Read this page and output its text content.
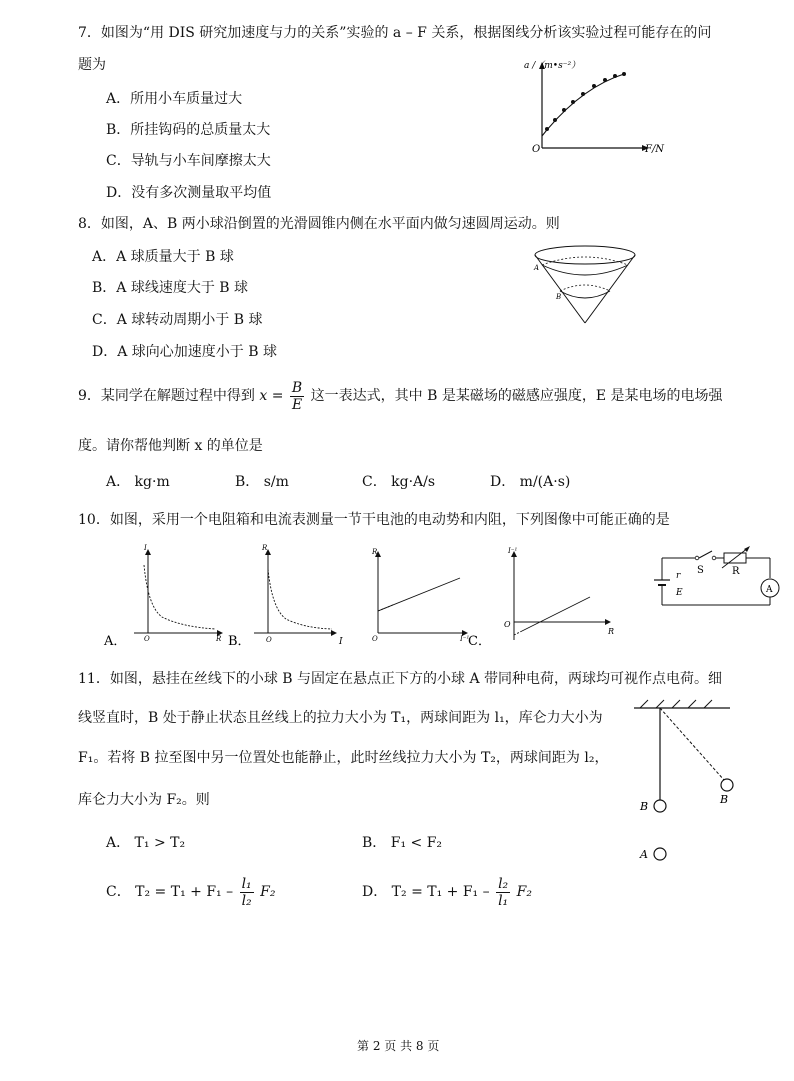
7．如图为“用 DIS 研究加速度与力的关系”实验的 a – F 关系，根据图线分析该实验过程可能存在的问
题为
A．所用小车质量过大
B．所挂钩码的总质量太大
C．导轨与小车间摩擦太大
D．没有多次测量取平均值
a /（m•s⁻²）
O	F/N
8．如图，A、B 两小球沿倒置的光滑圆锥内侧在水平面内做匀速圆周运动。则
A．A 球质量大于 B 球
B．A 球线速度大于 B 球
C．A 球转动周期小于 B 球
D．A 球向心加速度小于 B 球
A
B
9．某同学在解题过程中得到 $x = \frac{B}{E}$ 这一表达式，其中 B 是某磁场的磁感应强度，E 是某电场的电场强
度。请你帮他判断 x 的单位是
A． kg·m	B． s/m	C． kg·A/s	D． m/(A·s)
10．如图，采用一个电阻箱和电流表测量一节干电池的电动势和内阻，下列图像中可能正确的是
I
O	R
A．
R
O	I
B．
R
O	I⁻¹
C．
I⁻¹
O
R
S	R
A
r
E
11．如图，悬挂在丝线下的小球 B 与固定在悬点正下方的小球 A 带同种电荷，两球均可视作点电荷。细
线竖直时，B 处于静止状态且丝线上的拉力大小为 T₁，两球间距为 l₁，库仑力大小为
F₁。若将 B 拉至图中另一位置处也能静止，此时丝线拉力大小为 T₂，两球间距为 l₂，
库仑力大小为 F₂。则
A． T₁ > T₂	B． F₁ < F₂
C． $T_2 = T_1 + F_1 - \frac{\text{l₁}}{\text{l₂}} F_2$	D． $T_2 = T_1 + F_1 - \frac{\text{l₂}}{\text{l₁}} F_2$
B
B
A
第 2 页 共 8 页
